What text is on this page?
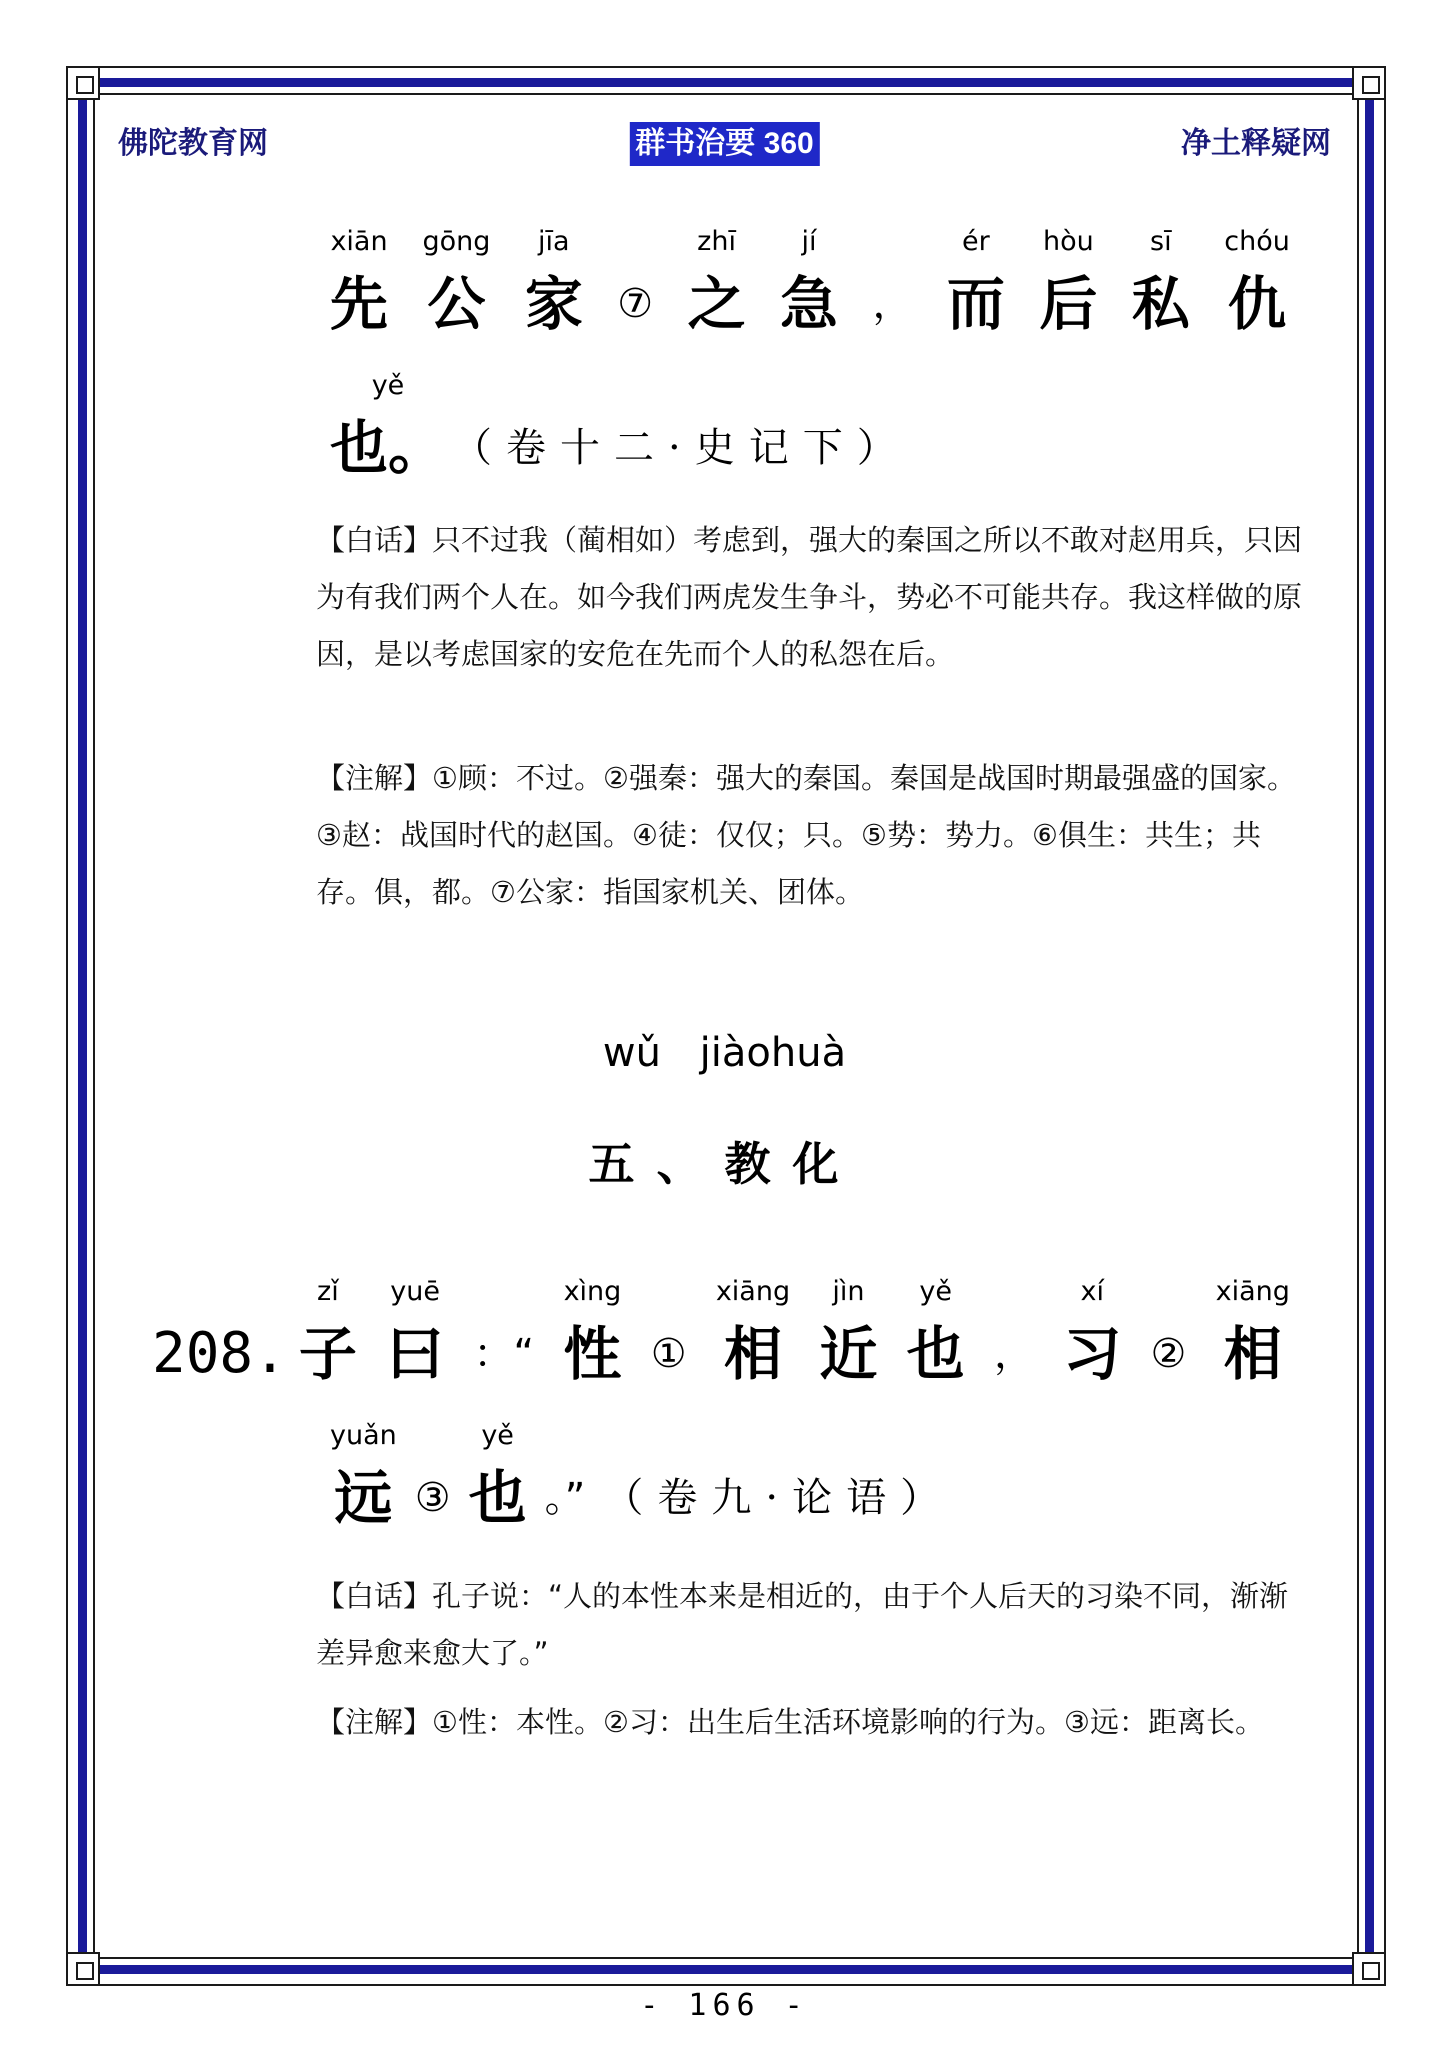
佛陀教育网	群书治要 360	净土释疑网
xiān
先
gōng
公
jīa
家 ⑦
zhī
之
jí
急 ，
ér
而
hòu
后
sī
私
chóu
仇
yě
也。 （卷十二·史记下）
【白话】只不过我（蔺相如）考虑到，强大的秦国之所以不敢对赵用兵，只因为有我们两个人在。如今我们两虎发生争斗，势必不可能共存。我这样做的原因，是以考虑国家的安危在先而个人的私怨在后。
【注解】①顾：不过。②强秦：强大的秦国。秦国是战国时期最强盛的国家。③赵：战国时代的赵国。④徒：仅仅；只。⑤势：势力。⑥俱生：共生；共存。俱，都。⑦公家：指国家机关、团体。
wǔ jiàohuà
五、教化
208.
zǐ
子
yuē
曰 ：“
xìng
性 ①
xiāng
相
jìn
近
yě
也 ，
xí
习 ②
xiāng
相
yuǎn
远 ③
yě
也 。” （卷九·论语）
【白话】孔子说：“人的本性本来是相近的，由于个人后天的习染不同，渐渐差异愈来愈大了。”
【注解】①性：本性。②习：出生后生活环境影响的行为。③远：距离长。
- 166 -
